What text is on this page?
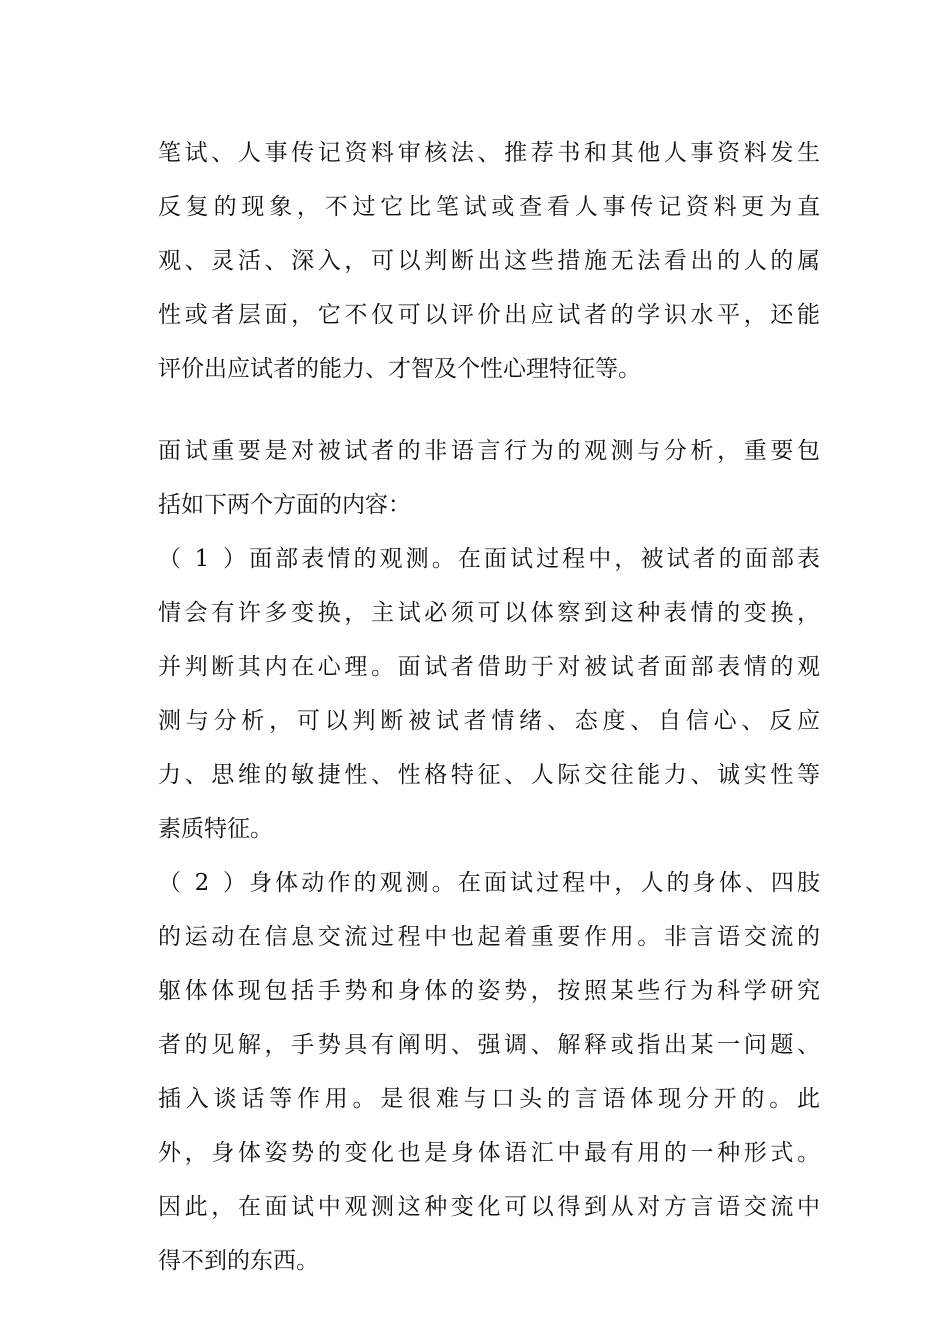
笔试、人事传记资料审核法、推荐书和其他人事资料发生
反复的现象，不过它比笔试或查看人事传记资料更为直
观、灵活、深入，可以判断出这些措施无法看出的人的属
性或者层面，它不仅可以评价出应试者的学识水平，还能
评价出应试者的能力、才智及个性心理特征等。
面试重要是对被试者的非语言行为的观测与分析，重要包
括如下两个方面的内容：
（1）面部表情的观测。在面试过程中，被试者的面部表
情会有许多变换，主试必须可以体察到这种表情的变换，
并判断其内在心理。面试者借助于对被试者面部表情的观
测与分析，可以判断被试者情绪、态度、自信心、反应
力、思维的敏捷性、性格特征、人际交往能力、诚实性等
素质特征。
（2）身体动作的观测。在面试过程中，人的身体、四肢
的运动在信息交流过程中也起着重要作用。非言语交流的
躯体体现包括手势和身体的姿势，按照某些行为科学研究
者的见解，手势具有阐明、强调、解释或指出某一问题、
插入谈话等作用。是很难与口头的言语体现分开的。此
外，身体姿势的变化也是身体语汇中最有用的一种形式。
因此，在面试中观测这种变化可以得到从对方言语交流中
得不到的东西。
